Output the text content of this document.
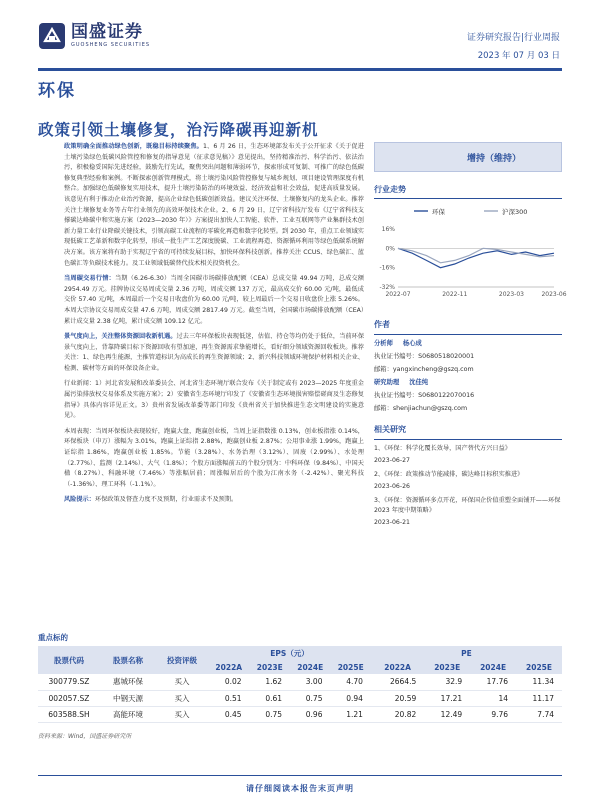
国盛证券
GUOSHENG SECURITIES
证券研究报告|行业周报
2023 年 07 月 03 日
环保
政策引领土壤修复，治污降碳再迎新机

政策明确全面推动绿色创新，既稳目标持续聚焦。1、6 月 26 日，生态环境部发布关于公开征求《关于促进土壤污染绿色低碳风险管控和修复的指导意见（征求意见稿）》意见提出，坚持精准治污、科学治污、依法治污，积极稳妥国际先进经验，鼓励先行先试，聚焦突出问题和薄弱环节，探索形成可复制、可推广的绿色低碳修复典型经验和案例。不断探索创新管理模式，将土壤污染风险管控修复与城乡规划、项目建设管理深度有机整合。加强绿色低碳修复实用技术，提升土壤污染防治的环境效益、经济效益和社会效益，促进高质量发展。该意见有利于推动企业治污资源，提高企业绿色低碳创新效益。建议关注环保、土壤修复内的龙头企业。推荐关注土壤修复业务等占年行业领先的高效环保技术企业。2、6 月 29 日，辽宁省科技厅发布《辽宁省科技支撑碳达峰碳中和实施方案（2023—2030 年）》方案提出加快人工智能、软件、工业互联网等产业集群技术创新力量工业行业降碳关键技术，引领高碳工业流程的零碳化再造和数字化转型。到 2030 年，重点工业领域实现低碳工艺革新和数字化转型，形成一批生产工艺深度脱碳、工业流程再造、资源循环利用等绿色低碳系统解决方案。该方案将有助于实现辽宁省的可持续发展目标，加快环保科技创新。推荐关注 CCUS、绿色碳汇、蓝色碳汇等负碳技术能力。及工业领域低碳替代技术相关投资机会。

当周碳交易行情：当期（6.26-6.30）当周全国碳市场碳排放配额（CEA）总成交量 49.94 万吨，总成交额 2954.49 万元。挂牌协议交易周成交量 2.36 万吨，周成交额 137 万元，最高成交价 60.00 元/吨，最低成交价 57.40 元/吨，本周最后一个交易日收盘价为 60.00 元/吨，较上周最后一个交易日收盘价上涨 5.26%。本周大宗协议交易周成交量 47.6 万吨，周成交额 2817.49 万元。截至当周，全国碳市场碳排放配额（CEA）累计成交量 2.38 亿吨，累计成交额 109.12 亿元。

景气度向上，关注整体资源回收新机遇。过去三年环保板块表现低迷，估值、持仓等均仍处于低位，当前环保景气度向上，背靠降碳目标下资源回收有望加速，再生资源需求挚能增长，看好细分领域资源回收板块。推荐关注：1、绿色再生能源，主推管道标识为高成长的再生资源领域；2、新兴科技领域环境保护材料相关企业、检测、碳材等方面的环保设备企业。

行业新闻：1）河北省发展和改革委员会、河北省生态环境厅联合发布《关于制定或有 2023—2025 年度重金属污染排放权交易体系及实施方案》；2）安徽省生态环境厅印发了《安徽省生态环境损害赔偿磋商及生态修复指导》具体内容详见正文。3）贵州省发展改革委等部门印发《贵州省关于加快推进生态文明建设的实施意见》。

本周表现：当周环保板块表现较好，跑赢大盘，跑赢创业板，当周上证指数涨 0.13%，创业板指涨 0.14%，环保板块（申万）涨幅为 3.01%，跑赢上证综指 2.88%，跑赢创业板 2.87%；公用事业涨 1.99%，跑赢上证综指 1.86%，跑赢创业板 1.85%。节能（3.28%）、水务治理（3.12%）、固废（2.99%）、水处理（2.77%）、监测（2.14%）、大气（1.8%）；个股方面涨幅前五的个股分别为：中科环保（9.84%）、中国天楹（8.27%）、科融环境（7.46%）等涨幅居前；周涨幅居后的个股为江南水务（-2.42%）、聚光科技（-1.36%）、理工环科（-1.1%）。

风险提示：环保政策及督查力度不及预期，行业需求不及预期。

增持（维持）
行业走势
环保	沪深300
16%
0%
-16%
-32%
2022-07	2022-11	2023-03	2023-06
作者
分析师 杨心成
执业证书编号：S0680518020001
邮箱：yangxincheng@gszq.com
研究助理 沈佳纯
执业证书编号：S0680122070016
邮箱：shenjiachun@gszq.com
相关研究
1、《环保：科学化覆长效导，国产替代方兴日益》
2023-06-27
2、《环保：政策推动节能减排，碳达峰目标积实推进》
2023-06-26
3、《环保：资源循环多点开花，环保国企价值重塑全面铺开——环保 2023 年度中期策略》
2023-06-21
重点标的
股票代码	股票名称	投资评级	EPS（元）				PE			
			2022A	2023E	2024E	2025E	2022A	2023E	2024E	2025E
300779.SZ	惠城环保	买入	0.02	1.62	3.00	4.70	2664.5	32.9	17.76	11.34
002057.SZ	中钢天源	买入	0.51	0.61	0.75	0.94	20.59	17.21	14	11.17
603588.SH	高能环境	买入	0.45	0.75	0.96	1.21	20.82	12.49	9.76	7.74
资料来源：Wind，国盛证券研究所
请仔细阅读本报告末页声明
